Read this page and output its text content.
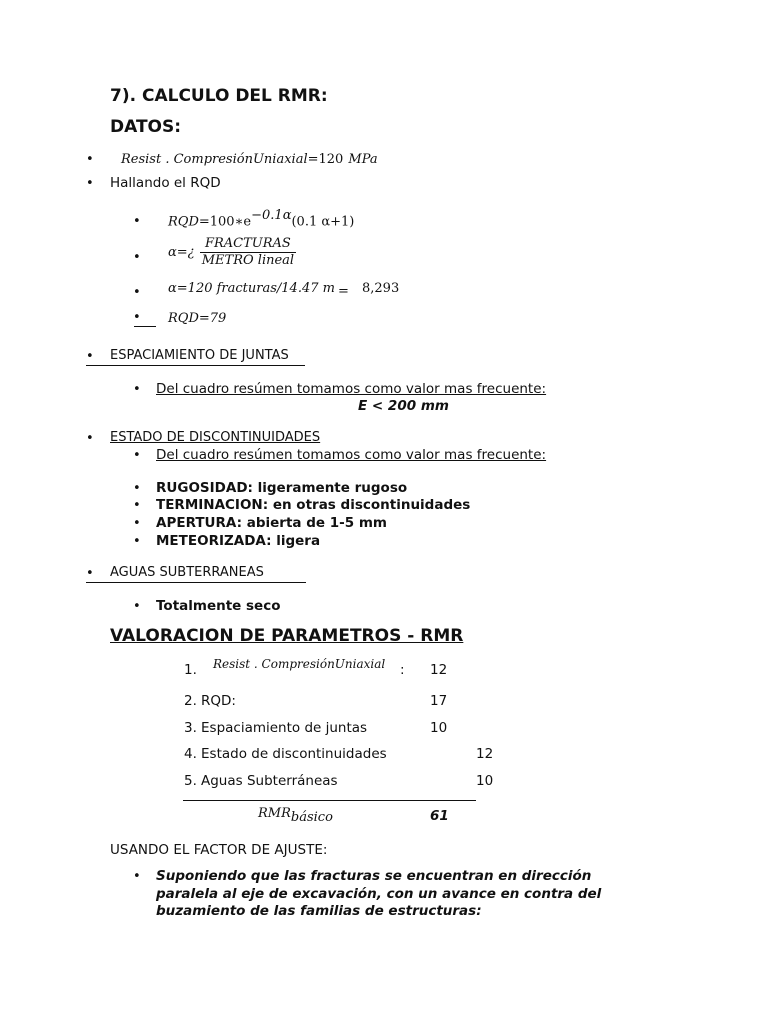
7). CALCULO DEL RMR:
DATOS:
• Resist . CompresiónUniaxial=120 MPa
• Hallando el RQD
• $RQD=100∗e^{-0.1\alpha}(0.1$ α+1)
• α=¿ $\frac{\text{FRACTURAS}}{\text{METRO lineal}}$
• α=120 fracturas/14.47 m = 8,293
• RQD=79
• ESPACIAMIENTO DE JUNTAS
• Del cuadro resúmen tomamos como valor mas frecuente:
E < 200 mm
• ESTADO DE DISCONTINUIDADES
• Del cuadro resúmen tomamos como valor mas frecuente:
• RUGOSIDAD: ligeramente rugoso
• TERMINACION: en otras discontinuidades
• APERTURA: abierta de 1-5 mm
• METEORIZADA: ligera
• AGUAS SUBTERRANEAS
• Totalmente seco
VALORACION DE PARAMETROS - RMR
1. Resist . CompresiónUniaxial : 12
2. RQD:	17
3. Espaciamiento de juntas	10
4. Estado de discontinuidades	12
5. Aguas Subterráneas	10
$RMR_{básico}$	61
USANDO EL FACTOR DE AJUSTE:
• Suponiendo que las fracturas se encuentran en dirección
paralela al eje de excavación, con un avance en contra del
buzamiento de las familias de estructuras:
